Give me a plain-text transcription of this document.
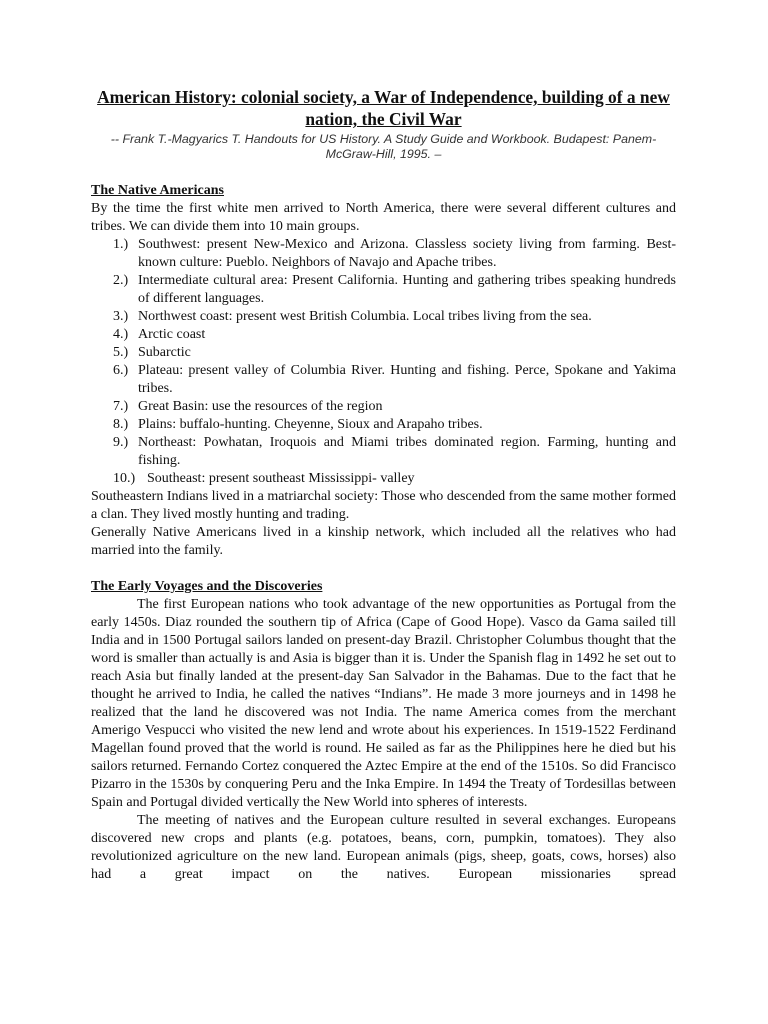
American History: colonial society, a War of Independence, building of a new nation, the Civil War
-- Frank T.-Magyarics T. Handouts for US History. A Study Guide and Workbook. Budapest: Panem-McGraw-Hill, 1995. –
The Native Americans

By the time the first white men arrived to North America, there were several different cultures and tribes. We can divide them into 10 main groups.

1.) Southwest: present New-Mexico and Arizona. Classless society living from farming. Best-known culture: Pueblo. Neighbors of Navajo and Apache tribes.
2.) Intermediate cultural area: Present California. Hunting and gathering tribes speaking hundreds of different languages.
3.) Northwest coast: present west British Columbia. Local tribes living from the sea.
4.) Arctic coast
5.) Subarctic
6.) Plateau: present valley of Columbia River. Hunting and fishing. Perce, Spokane and Yakima tribes.
7.) Great Basin: use the resources of the region
8.) Plains: buffalo-hunting. Cheyenne, Sioux and Arapaho tribes.
9.) Northeast: Powhatan, Iroquois and Miami tribes dominated region. Farming, hunting and fishing.
10.) Southeast: present southeast Mississippi- valley

Southeastern Indians lived in a matriarchal society: Those who descended from the same mother formed a clan. They lived mostly hunting and trading.

Generally Native Americans lived in a kinship network, which included all the relatives who had married into the family.

The Early Voyages and the Discoveries

The first European nations who took advantage of the new opportunities as Portugal from the early 1450s. Diaz rounded the southern tip of Africa (Cape of Good Hope). Vasco da Gama sailed till India and in 1500 Portugal sailors landed on present-day Brazil. Christopher Columbus thought that the word is smaller than actually is and Asia is bigger than it is. Under the Spanish flag in 1492 he set out to reach Asia but finally landed at the present-day San Salvador in the Bahamas. Due to the fact that he thought he arrived to India, he called the natives “Indians”. He made 3 more journeys and in 1498 he realized that the land he discovered was not India. The name America comes from the merchant Amerigo Vespucci who visited the new lend and wrote about his experiences. In 1519-1522 Ferdinand Magellan found proved that the world is round. He sailed as far as the Philippines here he died but his sailors returned. Fernando Cortez conquered the Aztec Empire at the end of the 1510s. So did Francisco Pizarro in the 1530s by conquering Peru and the Inka Empire. In 1494 the Treaty of Tordesillas between Spain and Portugal divided vertically the New World into spheres of interests.

The meeting of natives and the European culture resulted in several exchanges. Europeans discovered new crops and plants (e.g. potatoes, beans, corn, pumpkin, tomatoes). They also revolutionized agriculture on the new land. European animals (pigs, sheep, goats, cows, horses) also had a great impact on the natives. European missionaries spread
